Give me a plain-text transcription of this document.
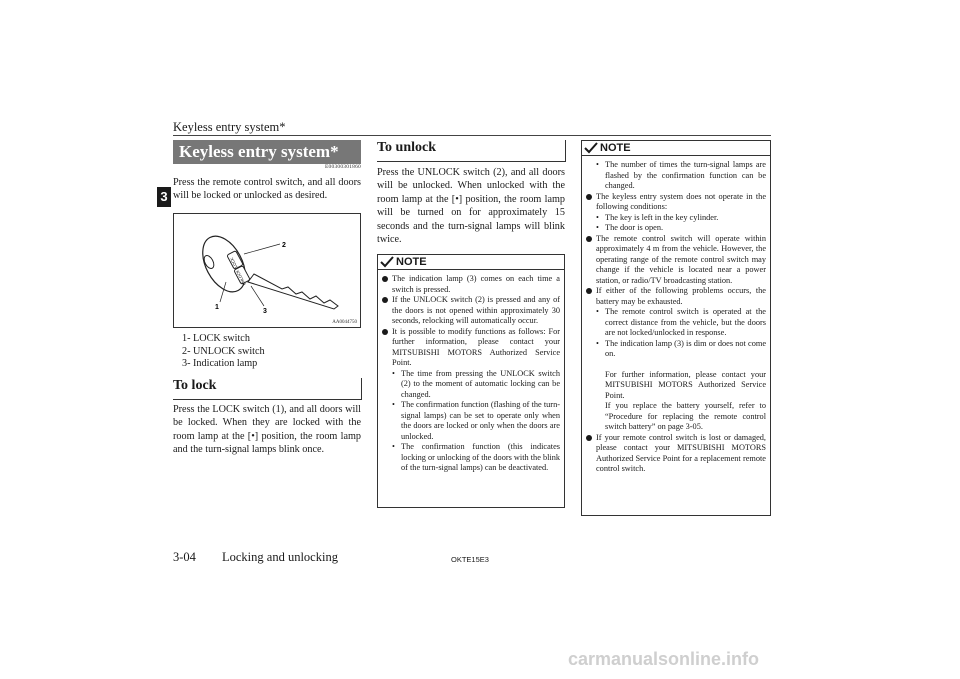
Keyless entry system*
3
Keyless entry system*
E00300301860
Press the remote control switch, and all doors will be locked or unlocked as desired.
LOCK
UNLOCK
2
1
3
AA0044750
1- LOCK switch
2- UNLOCK switch
3- Indication lamp
To lock
Press the LOCK switch (1), and all doors will be locked. When they are locked with the room lamp at the [•] position, the room lamp and the turn-signal lamps blink once.
To unlock
Press the UNLOCK switch (2), and all doors will be unlocked. When unlocked with the room lamp at the [•] position, the room lamp will be turned on for approximately 15 seconds and the turn-signal lamps will blink twice.
NOTE
The indication lamp (3) comes on each time a switch is pressed.
If the UNLOCK switch (2) is pressed and any of the doors is not opened within approximately 30 seconds, relocking will automatically occur.
It is possible to modify functions as follows: For further information, please contact your MITSUBISHI MOTORS Authorized Service Point.
• The time from pressing the UNLOCK switch (2) to the moment of automatic locking can be changed.
• The confirmation function (flashing of the turn-signal lamps) can be set to operate only when the doors are locked or only when the doors are unlocked.
• The confirmation function (this indicates locking or unlocking of the doors with the blink of the turn-signal lamps) can be deactivated.
NOTE
• The number of times the turn-signal lamps are flashed by the confirmation function can be changed.
The keyless entry system does not operate in the following conditions:
• The key is left in the key cylinder.
• The door is open.
The remote control switch will operate within approximately 4 m from the vehicle. However, the operating range of the remote control switch may change if the vehicle is located near a power station, or radio/TV broadcasting station.
If either of the following problems occurs, the battery may be exhausted.
• The remote control switch is operated at the correct distance from the vehicle, but the doors are not locked/unlocked in response.
• The indication lamp (3) is dim or does not come on.
For further information, please contact your MITSUBISHI MOTORS Authorized Service Point.
If you replace the battery yourself, refer to “Procedure for replacing the remote control switch battery” on page 3-05.
If your remote control switch is lost or damaged, please contact your MITSUBISHI MOTORS Authorized Service Point for a replacement remote control switch.
3-04 Locking and unlocking	OKTE15E3
carmanualsonline.info
